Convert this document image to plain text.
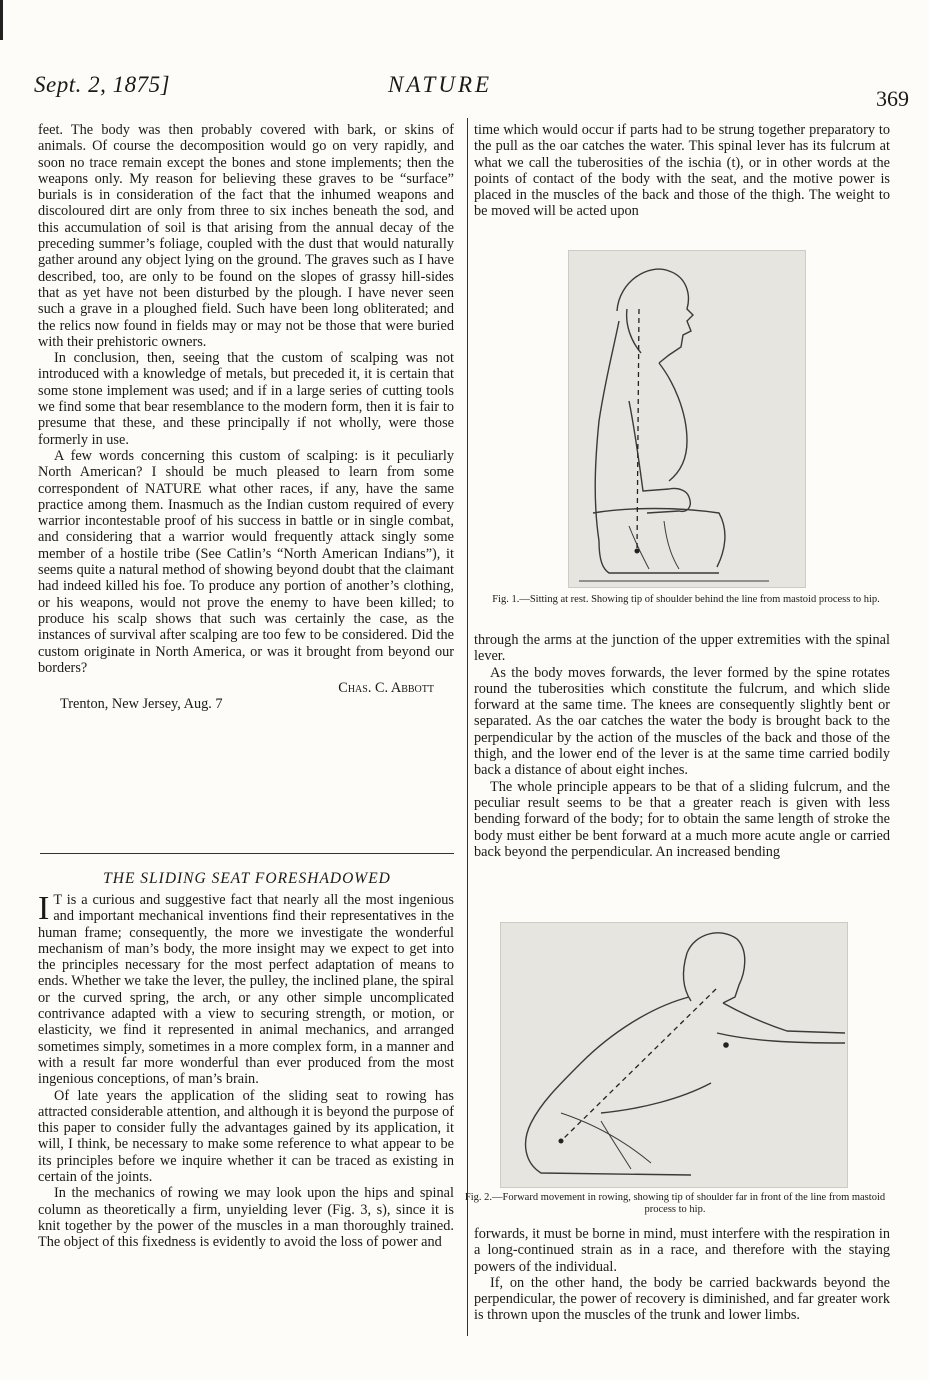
Sept. 2, 1875]	NATURE
369

feet. The body was then probably covered with bark, or skins of animals. Of course the decomposition would go on very rapidly, and soon no trace remain except the bones and stone implements; then the weapons only. My reason for believing these graves to be “surface” burials is in consideration of the fact that the inhumed weapons and discoloured dirt are only from three to six inches beneath the sod, and this accumulation of soil is that arising from the annual decay of the preceding summer’s foliage, coupled with the dust that would naturally gather around any object lying on the ground. The graves such as I have described, too, are only to be found on the slopes of grassy hill-sides that as yet have not been disturbed by the plough. I have never seen such a grave in a ploughed field. Such have been long obliterated; and the relics now found in fields may or may not be those that were buried with their prehistoric owners.

In conclusion, then, seeing that the custom of scalping was not introduced with a knowledge of metals, but preceded it, it is certain that some stone implement was used; and if in a large series of cutting tools we find some that bear resemblance to the modern form, then it is fair to presume that these, and these principally if not wholly, were those formerly in use.

A few words concerning this custom of scalping: is it peculiarly North American? I should be much pleased to learn from some correspondent of NATURE what other races, if any, have the same practice among them. Inasmuch as the Indian custom required of every warrior incontestable proof of his success in battle or in single combat, and considering that a warrior would frequently attack singly some member of a hostile tribe (See Catlin’s “North American Indians”), it seems quite a natural method of showing beyond doubt that the claimant had indeed killed his foe. To produce any portion of another’s clothing, or his weapons, would not prove the enemy to have been killed; to produce his scalp shows that such was certainly the case, as the instances of survival after scalping are too few to be considered. Did the custom originate in North America, or was it brought from beyond our borders?

Chas. C. Abbott

Trenton, New Jersey, Aug. 7

THE SLIDING SEAT FORESHADOWED

I T is a curious and suggestive fact that nearly all the most ingenious and important mechanical inventions find their representatives in the human frame; consequently, the more we investigate the wonderful mechanism of man’s body, the more insight may we expect to get into the principles necessary for the most perfect adaptation of means to ends. Whether we take the lever, the pulley, the inclined plane, the spiral or the curved spring, the arch, or any other simple uncomplicated contrivance adapted with a view to securing strength, or motion, or elasticity, we find it represented in animal mechanics, and arranged sometimes simply, sometimes in a more complex form, in a manner and with a result far more wonderful than ever produced from the most ingenious conceptions, of man’s brain.

Of late years the application of the sliding seat to rowing has attracted considerable attention, and although it is beyond the purpose of this paper to consider fully the advantages gained by its application, it will, I think, be necessary to make some reference to what appear to be its principles before we inquire whether it can be traced as existing in certain of the joints.

In the mechanics of rowing we may look upon the hips and spinal column as theoretically a firm, unyielding lever (Fig. 3, s), since it is knit together by the power of the muscles in a man thoroughly trained. The object of this fixedness is evidently to avoid the loss of power and

time which would occur if parts had to be strung together preparatory to the pull as the oar catches the water. This spinal lever has its fulcrum at what we call the tuberosities of the ischia (t), or in other words at the points of contact of the body with the seat, and the motive power is placed in the muscles of the back and those of the thigh. The weight to be moved will be acted upon

Fig. 1.—Sitting at rest. Showing tip of shoulder behind the line from mastoid process to hip.

through the arms at the junction of the upper extremities with the spinal lever.

As the body moves forwards, the lever formed by the spine rotates round the tuberosities which constitute the fulcrum, and which slide forward at the same time. The knees are consequently slightly bent or separated. As the oar catches the water the body is brought back to the perpendicular by the action of the muscles of the back and those of the thigh, and the lower end of the lever is at the same time carried bodily back a distance of about eight inches.

The whole principle appears to be that of a sliding fulcrum, and the peculiar result seems to be that a greater reach is given with less bending forward of the body; for to obtain the same length of stroke the body must either be bent forward at a much more acute angle or carried back beyond the perpendicular. An increased bending

Fig. 2.—Forward movement in rowing, showing tip of shoulder far in front of the line from mastoid process to hip.

forwards, it must be borne in mind, must interfere with the respiration in a long-continued strain as in a race, and therefore with the staying powers of the individual.

If, on the other hand, the body be carried backwards beyond the perpendicular, the power of recovery is diminished, and far greater work is thrown upon the muscles of the trunk and lower limbs.
